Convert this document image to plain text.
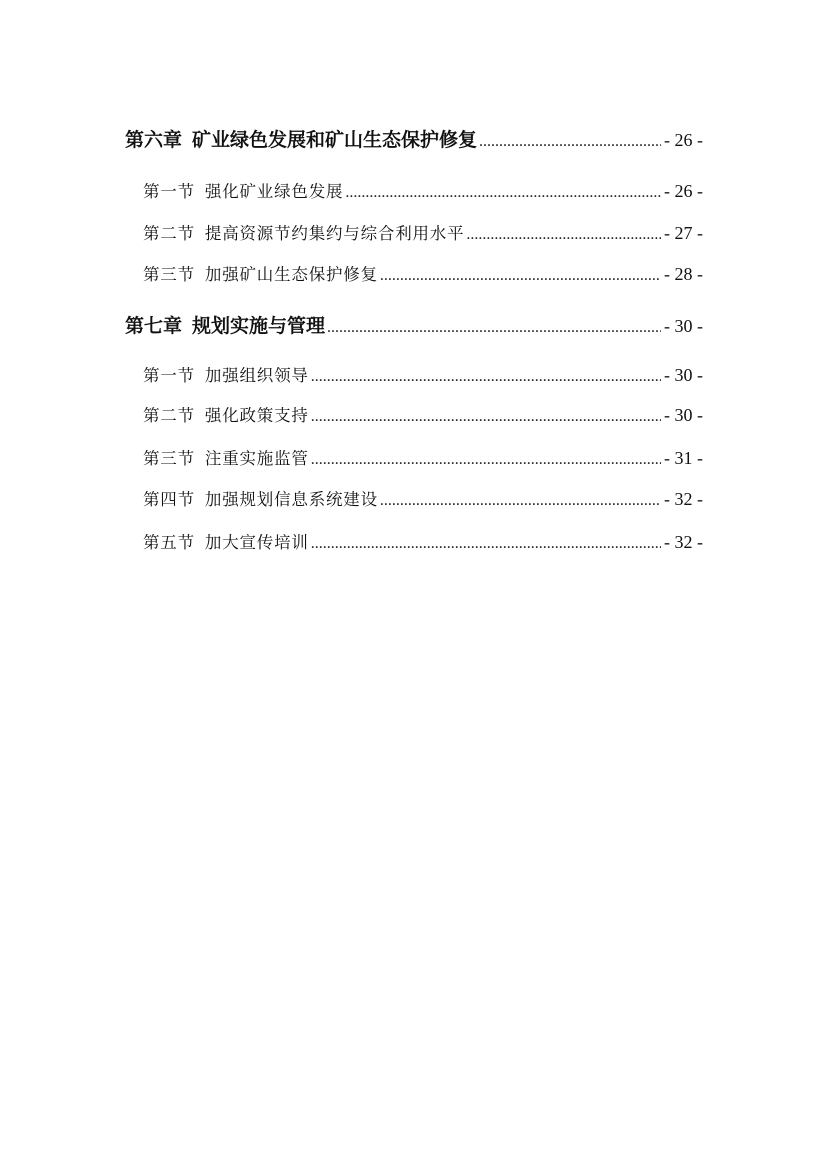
第六章 矿业绿色发展和矿山生态保护修复 .....	- 26 -
第一节 强化矿业绿色发展 .....	- 26 -
第二节 提高资源节约集约与综合利用水平 .....	- 27 -
第三节 加强矿山生态保护修复 .....	- 28 -
第七章 规划实施与管理 .....	- 30 -
第一节 加强组织领导 .....	- 30 -
第二节 强化政策支持 .....	- 30 -
第三节 注重实施监管 .....	- 31 -
第四节 加强规划信息系统建设 .....	- 32 -
第五节 加大宣传培训 .....	- 32 -
